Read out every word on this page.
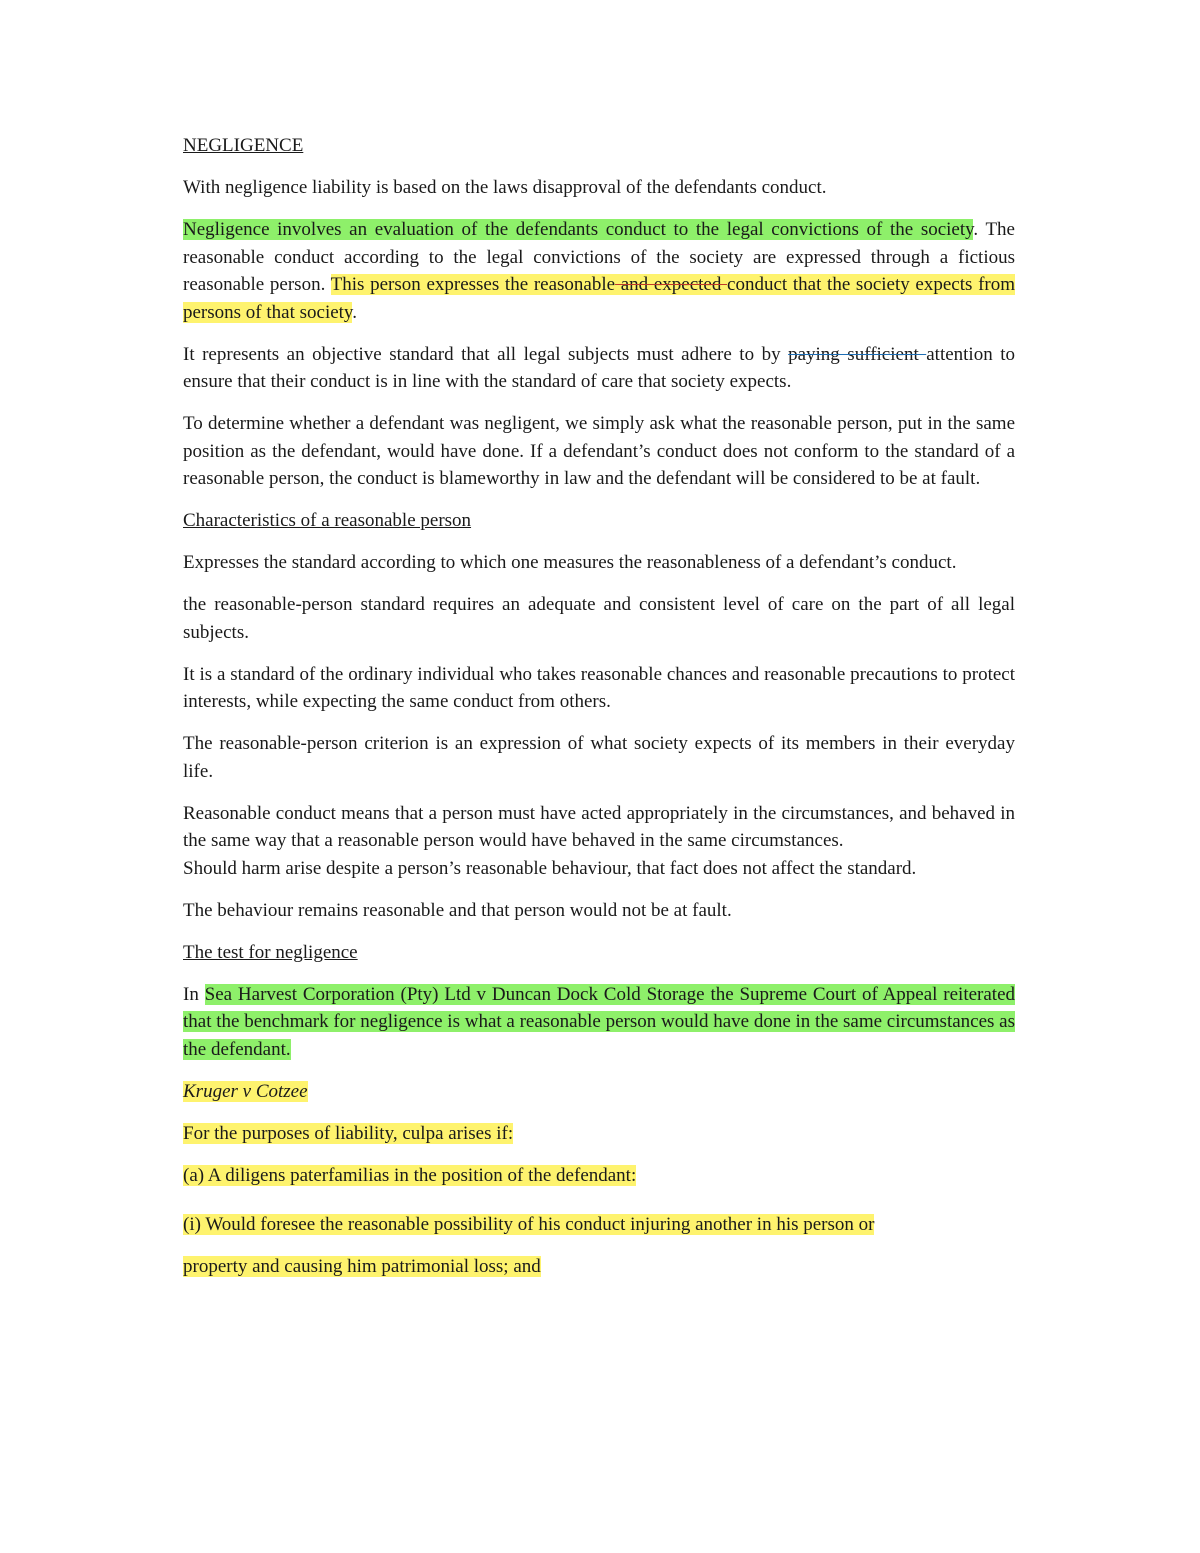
NEGLIGENCE

With negligence liability is based on the laws disapproval of the defendants conduct.

Negligence involves an evaluation of the defendants conduct to the legal convictions of the society. The reasonable conduct according to the legal convictions of the society are expressed through a fictious reasonable person. This person expresses the reasonable and expected conduct that the society expects from persons of that society.

It represents an objective standard that all legal subjects must adhere to by paying sufficient attention to ensure that their conduct is in line with the standard of care that society expects.

To determine whether a defendant was negligent, we simply ask what the reasonable person, put in the same position as the defendant, would have done. If a defendant’s conduct does not conform to the standard of a reasonable person, the conduct is blameworthy in law and the defendant will be considered to be at fault.

Characteristics of a reasonable person

Expresses the standard according to which one measures the reasonableness of a defendant’s conduct.

the reasonable-person standard requires an adequate and consistent level of care on the part of all legal subjects.

It is a standard of the ordinary individual who takes reasonable chances and reasonable precautions to protect interests, while expecting the same conduct from others.

The reasonable-person criterion is an expression of what society expects of its members in their everyday life.

Reasonable conduct means that a person must have acted appropriately in the circumstances, and behaved in the same way that a reasonable person would have behaved in the same circumstances.
Should harm arise despite a person’s reasonable behaviour, that fact does not affect the standard.

The behaviour remains reasonable and that person would not be at fault.

The test for negligence

In Sea Harvest Corporation (Pty) Ltd v Duncan Dock Cold Storage the Supreme Court of Appeal reiterated that the benchmark for negligence is what a reasonable person would have done in the same circumstances as the defendant.

Kruger v Cotzee

For the purposes of liability, culpa arises if:

(a) A diligens paterfamilias in the position of the defendant:

(i) Would foresee the reasonable possibility of his conduct injuring another in his person or
property and causing him patrimonial loss; and
